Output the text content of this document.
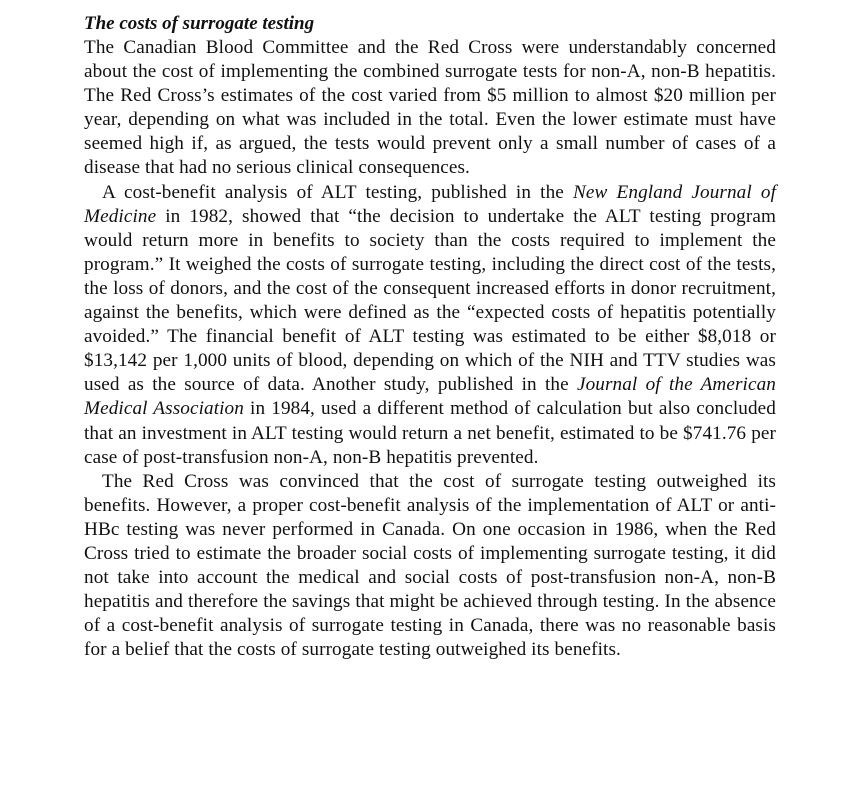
The costs of surrogate testing

The Canadian Blood Committee and the Red Cross were understandably concerned about the cost of implementing the combined surrogate tests for non-A, non-B hepatitis. The Red Cross’s estimates of the cost varied from $5 million to almost $20 million per year, depending on what was included in the total. Even the lower estimate must have seemed high if, as argued, the tests would prevent only a small number of cases of a disease that had no serious clinical consequences.

A cost-benefit analysis of ALT testing, published in the New England Journal of Medicine in 1982, showed that “the decision to undertake the ALT testing program would return more in benefits to society than the costs required to implement the program.” It weighed the costs of surrogate testing, including the direct cost of the tests, the loss of donors, and the cost of the consequent increased efforts in donor recruitment, against the benefits, which were defined as the “expected costs of hepatitis potentially avoided.” The financial benefit of ALT testing was estimated to be either $8,018 or $13,142 per 1,000 units of blood, depending on which of the NIH and TTV studies was used as the source of data. Another study, published in the Journal of the American Medical Association in 1984, used a different method of calculation but also concluded that an investment in ALT testing would return a net benefit, estimated to be $741.76 per case of post-transfusion non-A, non-B hepatitis prevented.

The Red Cross was convinced that the cost of surrogate testing outweighed its benefits. However, a proper cost-benefit analysis of the implementation of ALT or anti-HBc testing was never performed in Canada. On one occasion in 1986, when the Red Cross tried to estimate the broader social costs of implementing surrogate testing, it did not take into account the medical and social costs of post-transfusion non-A, non-B hepatitis and therefore the savings that might be achieved through testing. In the absence of a cost-benefit analysis of surrogate testing in Canada, there was no reasonable basis for a belief that the costs of surrogate testing outweighed its benefits.
